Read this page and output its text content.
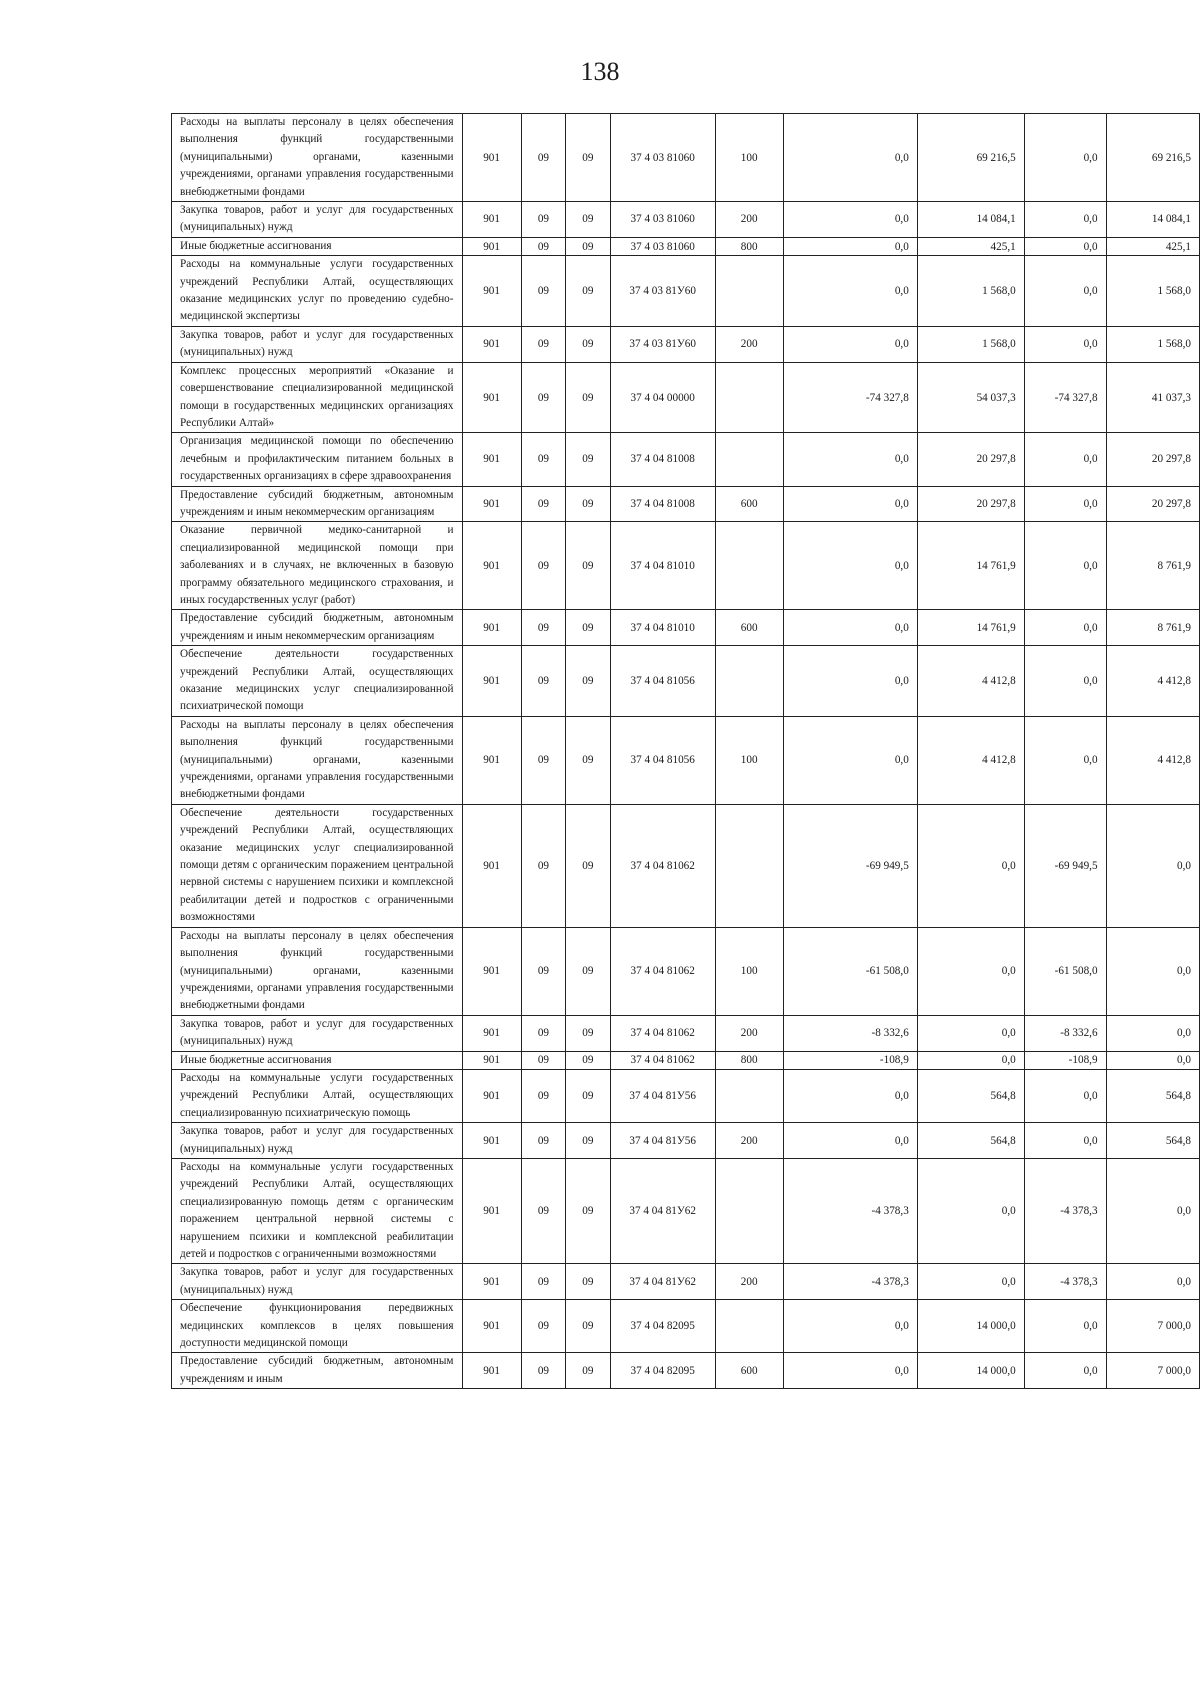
138
Расходы на выплаты персоналу в целях обеспечения выполнения функций государственными (муниципальными) органами, казенными учреждениями, органами управления государственными внебюджетными фондами	901	09	09	37 4 03 81060	100	0,0	69 216,5	0,0	69 216,5
Закупка товаров, работ и услуг для государственных (муниципальных) нужд	901	09	09	37 4 03 81060	200	0,0	14 084,1	0,0	14 084,1
Иные бюджетные ассигнования	901	09	09	37 4 03 81060	800	0,0	425,1	0,0	425,1
Расходы на коммунальные услуги государственных учреждений Республики Алтай, осуществляющих оказание медицинских услуг по проведению судебно-медицинской экспертизы	901	09	09	37 4 03 81У60		0,0	1 568,0	0,0	1 568,0
Закупка товаров, работ и услуг для государственных (муниципальных) нужд	901	09	09	37 4 03 81У60	200	0,0	1 568,0	0,0	1 568,0
Комплекс процессных мероприятий «Оказание и совершенствование специализированной медицинской помощи в государственных медицинских организациях Республики Алтай»	901	09	09	37 4 04 00000		-74 327,8	54 037,3	-74 327,8	41 037,3
Организация медицинской помощи по обеспечению лечебным и профилактическим питанием больных в государственных организациях в сфере здравоохранения	901	09	09	37 4 04 81008		0,0	20 297,8	0,0	20 297,8
Предоставление субсидий бюджетным, автономным учреждениям и иным некоммерческим организациям	901	09	09	37 4 04 81008	600	0,0	20 297,8	0,0	20 297,8
Оказание первичной медико-санитарной и специализированной медицинской помощи при заболеваниях и в случаях, не включенных в базовую программу обязательного медицинского страхования, и иных государственных услуг (работ)	901	09	09	37 4 04 81010		0,0	14 761,9	0,0	8 761,9
Предоставление субсидий бюджетным, автономным учреждениям и иным некоммерческим организациям	901	09	09	37 4 04 81010	600	0,0	14 761,9	0,0	8 761,9
Обеспечение деятельности государственных учреждений Республики Алтай, осуществляющих оказание медицинских услуг специализированной психиатрической помощи	901	09	09	37 4 04 81056		0,0	4 412,8	0,0	4 412,8
Расходы на выплаты персоналу в целях обеспечения выполнения функций государственными (муниципальными) органами, казенными учреждениями, органами управления государственными внебюджетными фондами	901	09	09	37 4 04 81056	100	0,0	4 412,8	0,0	4 412,8
Обеспечение деятельности государственных учреждений Республики Алтай, осуществляющих оказание медицинских услуг специализированной помощи детям с органическим поражением центральной нервной системы с нарушением психики и комплексной реабилитации детей и подростков с ограниченными возможностями	901	09	09	37 4 04 81062		-69 949,5	0,0	-69 949,5	0,0
Расходы на выплаты персоналу в целях обеспечения выполнения функций государственными (муниципальными) органами, казенными учреждениями, органами управления государственными внебюджетными фондами	901	09	09	37 4 04 81062	100	-61 508,0	0,0	-61 508,0	0,0
Закупка товаров, работ и услуг для государственных (муниципальных) нужд	901	09	09	37 4 04 81062	200	-8 332,6	0,0	-8 332,6	0,0
Иные бюджетные ассигнования	901	09	09	37 4 04 81062	800	-108,9	0,0	-108,9	0,0
Расходы на коммунальные услуги государственных учреждений Республики Алтай, осуществляющих специализированную психиатрическую помощь	901	09	09	37 4 04 81У56		0,0	564,8	0,0	564,8
Закупка товаров, работ и услуг для государственных (муниципальных) нужд	901	09	09	37 4 04 81У56	200	0,0	564,8	0,0	564,8
Расходы на коммунальные услуги государственных учреждений Республики Алтай, осуществляющих специализированную помощь детям с органическим поражением центральной нервной системы с нарушением психики и комплексной реабилитации детей и подростков с ограниченными возможностями	901	09	09	37 4 04 81У62		-4 378,3	0,0	-4 378,3	0,0
Закупка товаров, работ и услуг для государственных (муниципальных) нужд	901	09	09	37 4 04 81У62	200	-4 378,3	0,0	-4 378,3	0,0
Обеспечение функционирования передвижных медицинских комплексов в целях повышения доступности медицинской помощи	901	09	09	37 4 04 82095		0,0	14 000,0	0,0	7 000,0
Предоставление субсидий бюджетным, автономным учреждениям и иным	901	09	09	37 4 04 82095	600	0,0	14 000,0	0,0	7 000,0
